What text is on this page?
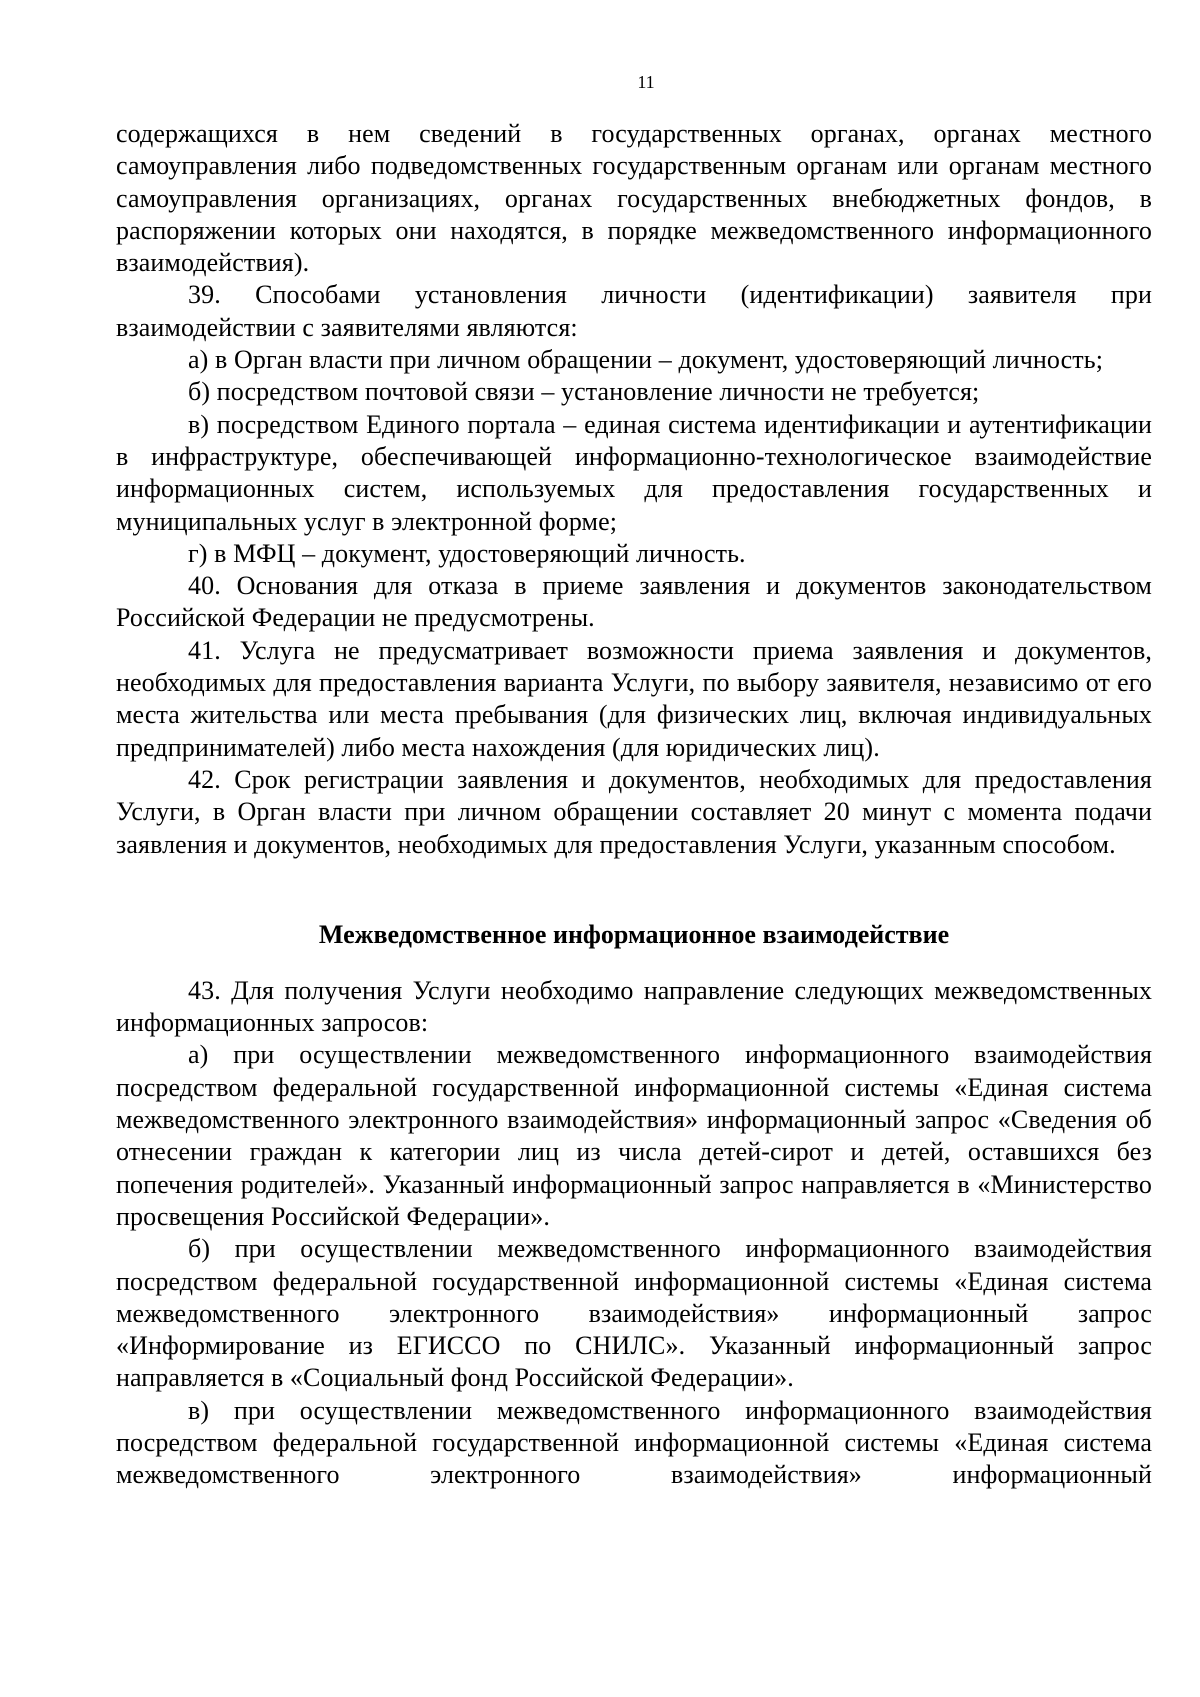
11

содержащихся в нем сведений в государственных органах, органах местного самоуправления либо подведомственных государственным органам или органам местного самоуправления организациях, органах государственных внебюджетных фондов, в распоряжении которых они находятся, в порядке межведомственного информационного взаимодействия).

39. Способами установления личности (идентификации) заявителя при взаимодействии с заявителями являются:

а) в Орган власти при личном обращении – документ, удостоверяющий личность;

б) посредством почтовой связи – установление личности не требуется;

в) посредством Единого портала – единая система идентификации и аутентификации в инфраструктуре, обеспечивающей информационно-технологическое взаимодействие информационных систем, используемых для предоставления государственных и муниципальных услуг в электронной форме;

г) в МФЦ – документ, удостоверяющий личность.

40. Основания для отказа в приеме заявления и документов законодательством Российской Федерации не предусмотрены.

41. Услуга не предусматривает возможности приема заявления и документов, необходимых для предоставления варианта Услуги, по выбору заявителя, независимо от его места жительства или места пребывания (для физических лиц, включая индивидуальных предпринимателей) либо места нахождения (для юридических лиц).

42. Срок регистрации заявления и документов, необходимых для предоставления Услуги, в Орган власти при личном обращении составляет 20 минут с момента подачи заявления и документов, необходимых для предоставления Услуги, указанным способом.

Межведомственное информационное взаимодействие

43. Для получения Услуги необходимо направление следующих межведомственных информационных запросов:

а) при осуществлении межведомственного информационного взаимодействия посредством федеральной государственной информационной системы «Единая система межведомственного электронного взаимодействия» информационный запрос «Сведения об отнесении граждан к категории лиц из числа детей-сирот и детей, оставшихся без попечения родителей». Указанный информационный запрос направляется в «Министерство просвещения Российской Федерации».

б) при осуществлении межведомственного информационного взаимодействия посредством федеральной государственной информационной системы «Единая система межведомственного электронного взаимодействия» информационный запрос «Информирование из ЕГИССО по СНИЛС». Указанный информационный запрос направляется в «Социальный фонд Российской Федерации».

в) при осуществлении межведомственного информационного взаимодействия посредством федеральной государственной информационной системы «Единая система межведомственного электронного взаимодействия» информационный
